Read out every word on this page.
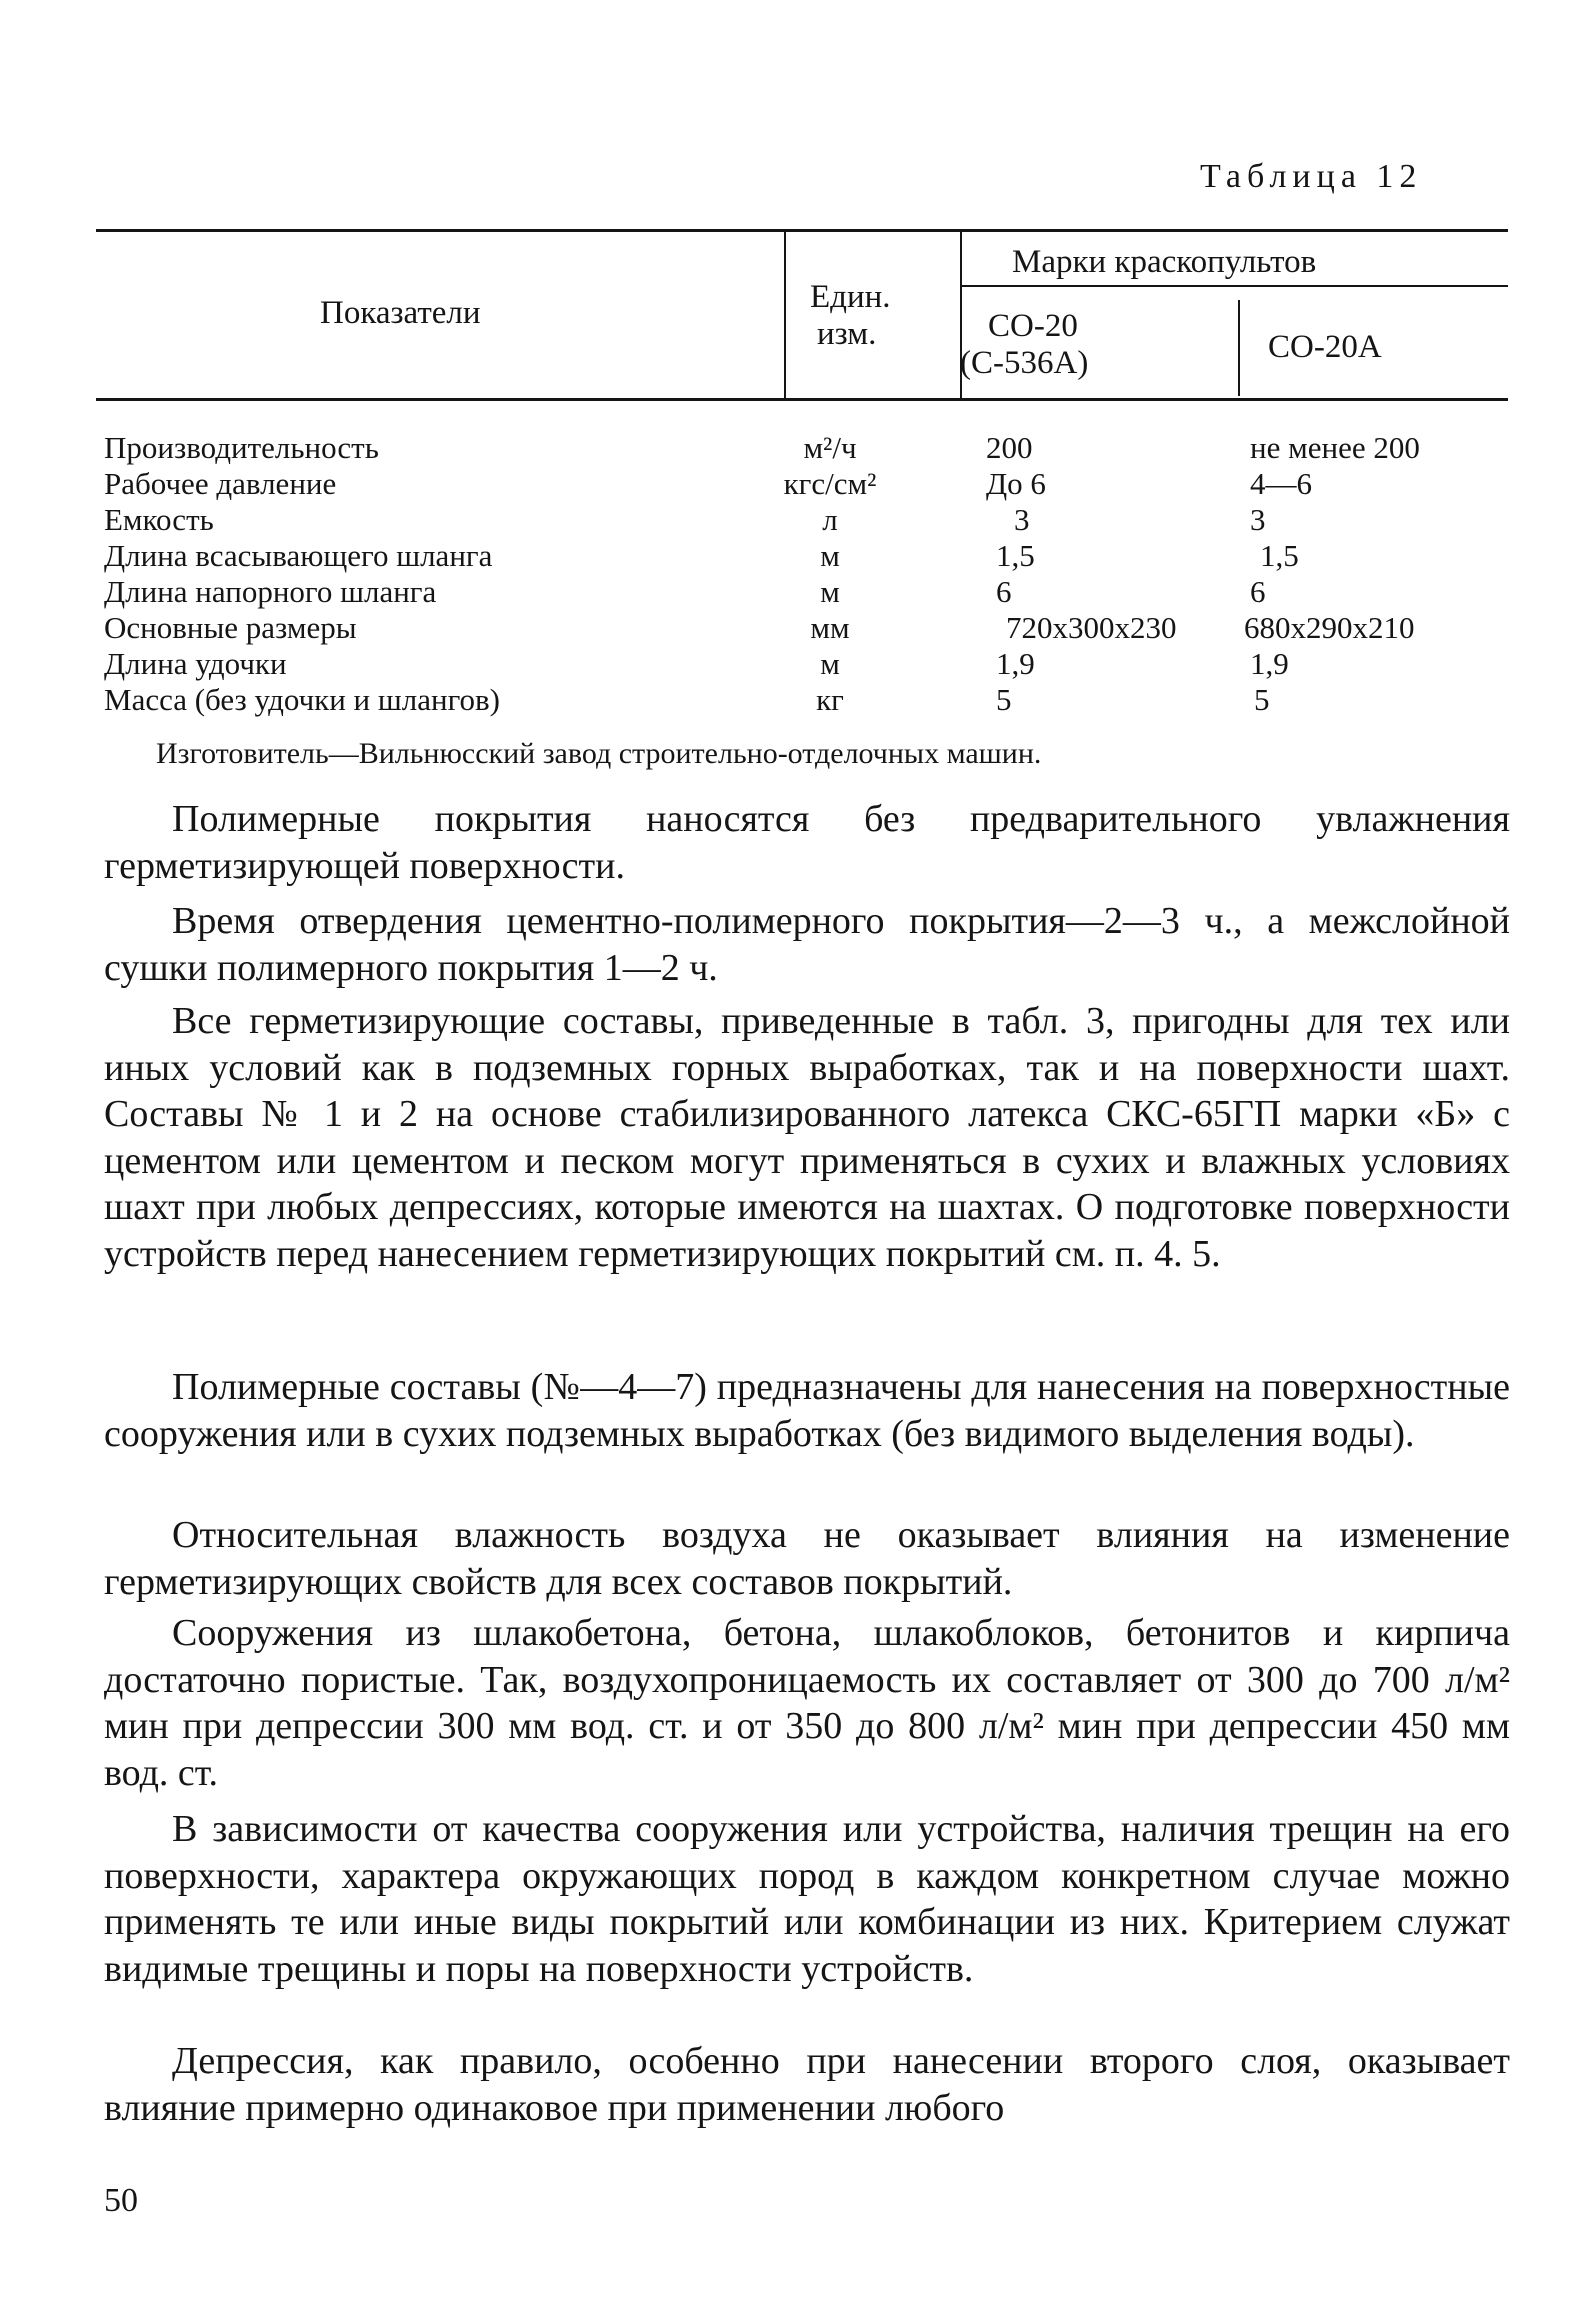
Таблица 12
Показатели	Един.
изм.
Марки краскопультов
СО-20
(С-536А)	СО-20А
Производительность	м²/ч	200	не менее 200
Рабочее давление	кгс/см²	До 6	4—6
Емкость	л	3	3
Длина всасывающего шланга	м	1,5	1,5
Длина напорного шланга	м	6	6
Основные размеры	мм	720x300x230 680x290x210
Длина удочки	м	1,9	1,9
Масса (без удочки и шлангов)	кг	5	5
Изготовитель—Вильнюсский завод строительно-отделочных машин.
Полимерные покрытия наносятся без предварительного увлажнения герметизирующей поверхности.
Время отвердения цементно-полимерного покрытия—2—3 ч., а межслойной сушки полимерного покрытия 1—2 ч.
Все герметизирующие составы, приведенные в табл. 3, пригодны для тех или иных условий как в подземных горных выработках, так и на поверхности шахт. Составы № 1 и 2 на основе стабилизированного латекса СКС-65ГП марки «Б» с цементом или цементом и песком могут применяться в сухих и влажных условиях шахт при любых депрессиях, которые имеются на шахтах. О подготовке поверхности устройств перед нанесением герметизирующих покрытий см. п. 4. 5.
Полимерные составы (№—4—7) предназначены для нанесения на поверхностные сооружения или в сухих подземных выработках (без видимого выделения воды).
Относительная влажность воздуха не оказывает влияния на изменение герметизирующих свойств для всех составов покрытий.
Сооружения из шлакобетона, бетона, шлакоблоков, бетонитов и кирпича достаточно пористые. Так, воздухопроницаемость их составляет от 300 до 700 л/м² мин при депрессии 300 мм вод. ст. и от 350 до 800 л/м² мин при депрессии 450 мм вод. ст.
В зависимости от качества сооружения или устройства, наличия трещин на его поверхности, характера окружающих пород в каждом конкретном случае можно применять те или иные виды покрытий или комбинации из них. Критерием служат видимые трещины и поры на поверхности устройств.
Депрессия, как правило, особенно при нанесении второго слоя, оказывает влияние примерно одинаковое при применении любого
50
